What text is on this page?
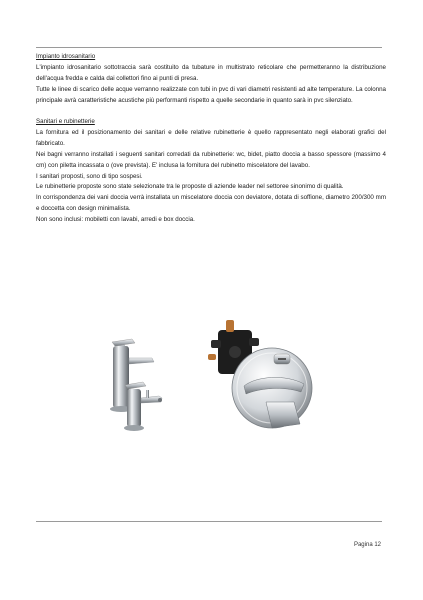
Impianto idrosanitario

L'impianto idrosanitario sottotraccia sarà costituito da tubature in multistrato reticolare che permetteranno la distribuzione dell'acqua fredda e calda dai collettori fino ai punti di presa.

Tutte le linee di scarico delle acque verranno realizzate con tubi in pvc di vari diametri resistenti ad alte temperature. La colonna principale avrà caratteristiche acustiche più performanti rispetto a quelle secondarie in quanto sarà in pvc silenziato.

Sanitari e rubinetterie

La fornitura ed il posizionamento dei sanitari e delle relative rubinetterie è quello rappresentato negli elaborati grafici del fabbricato.

Nei bagni verranno installati i seguenti sanitari corredati da rubinetterie: wc, bidet, piatto doccia a basso spessore (massimo 4 cm) con piletta incassata o (ove prevista). E' inclusa la fornitura del rubinetto miscelatore del lavabo.

I sanitari proposti, sono di tipo sospesi.

Le rubinetterie proposte sono state selezionate tra le proposte di aziende leader nel settoree sinonimo di qualità.

In corrispondenza dei vani doccia verrà installata un miscelatore doccia con deviatore, dotata di soffione, diametro 200/300 mm e doccetta con design minimalista.

Non sono inclusi: mobiletti con lavabi, arredi e box doccia.

Pagina 12
